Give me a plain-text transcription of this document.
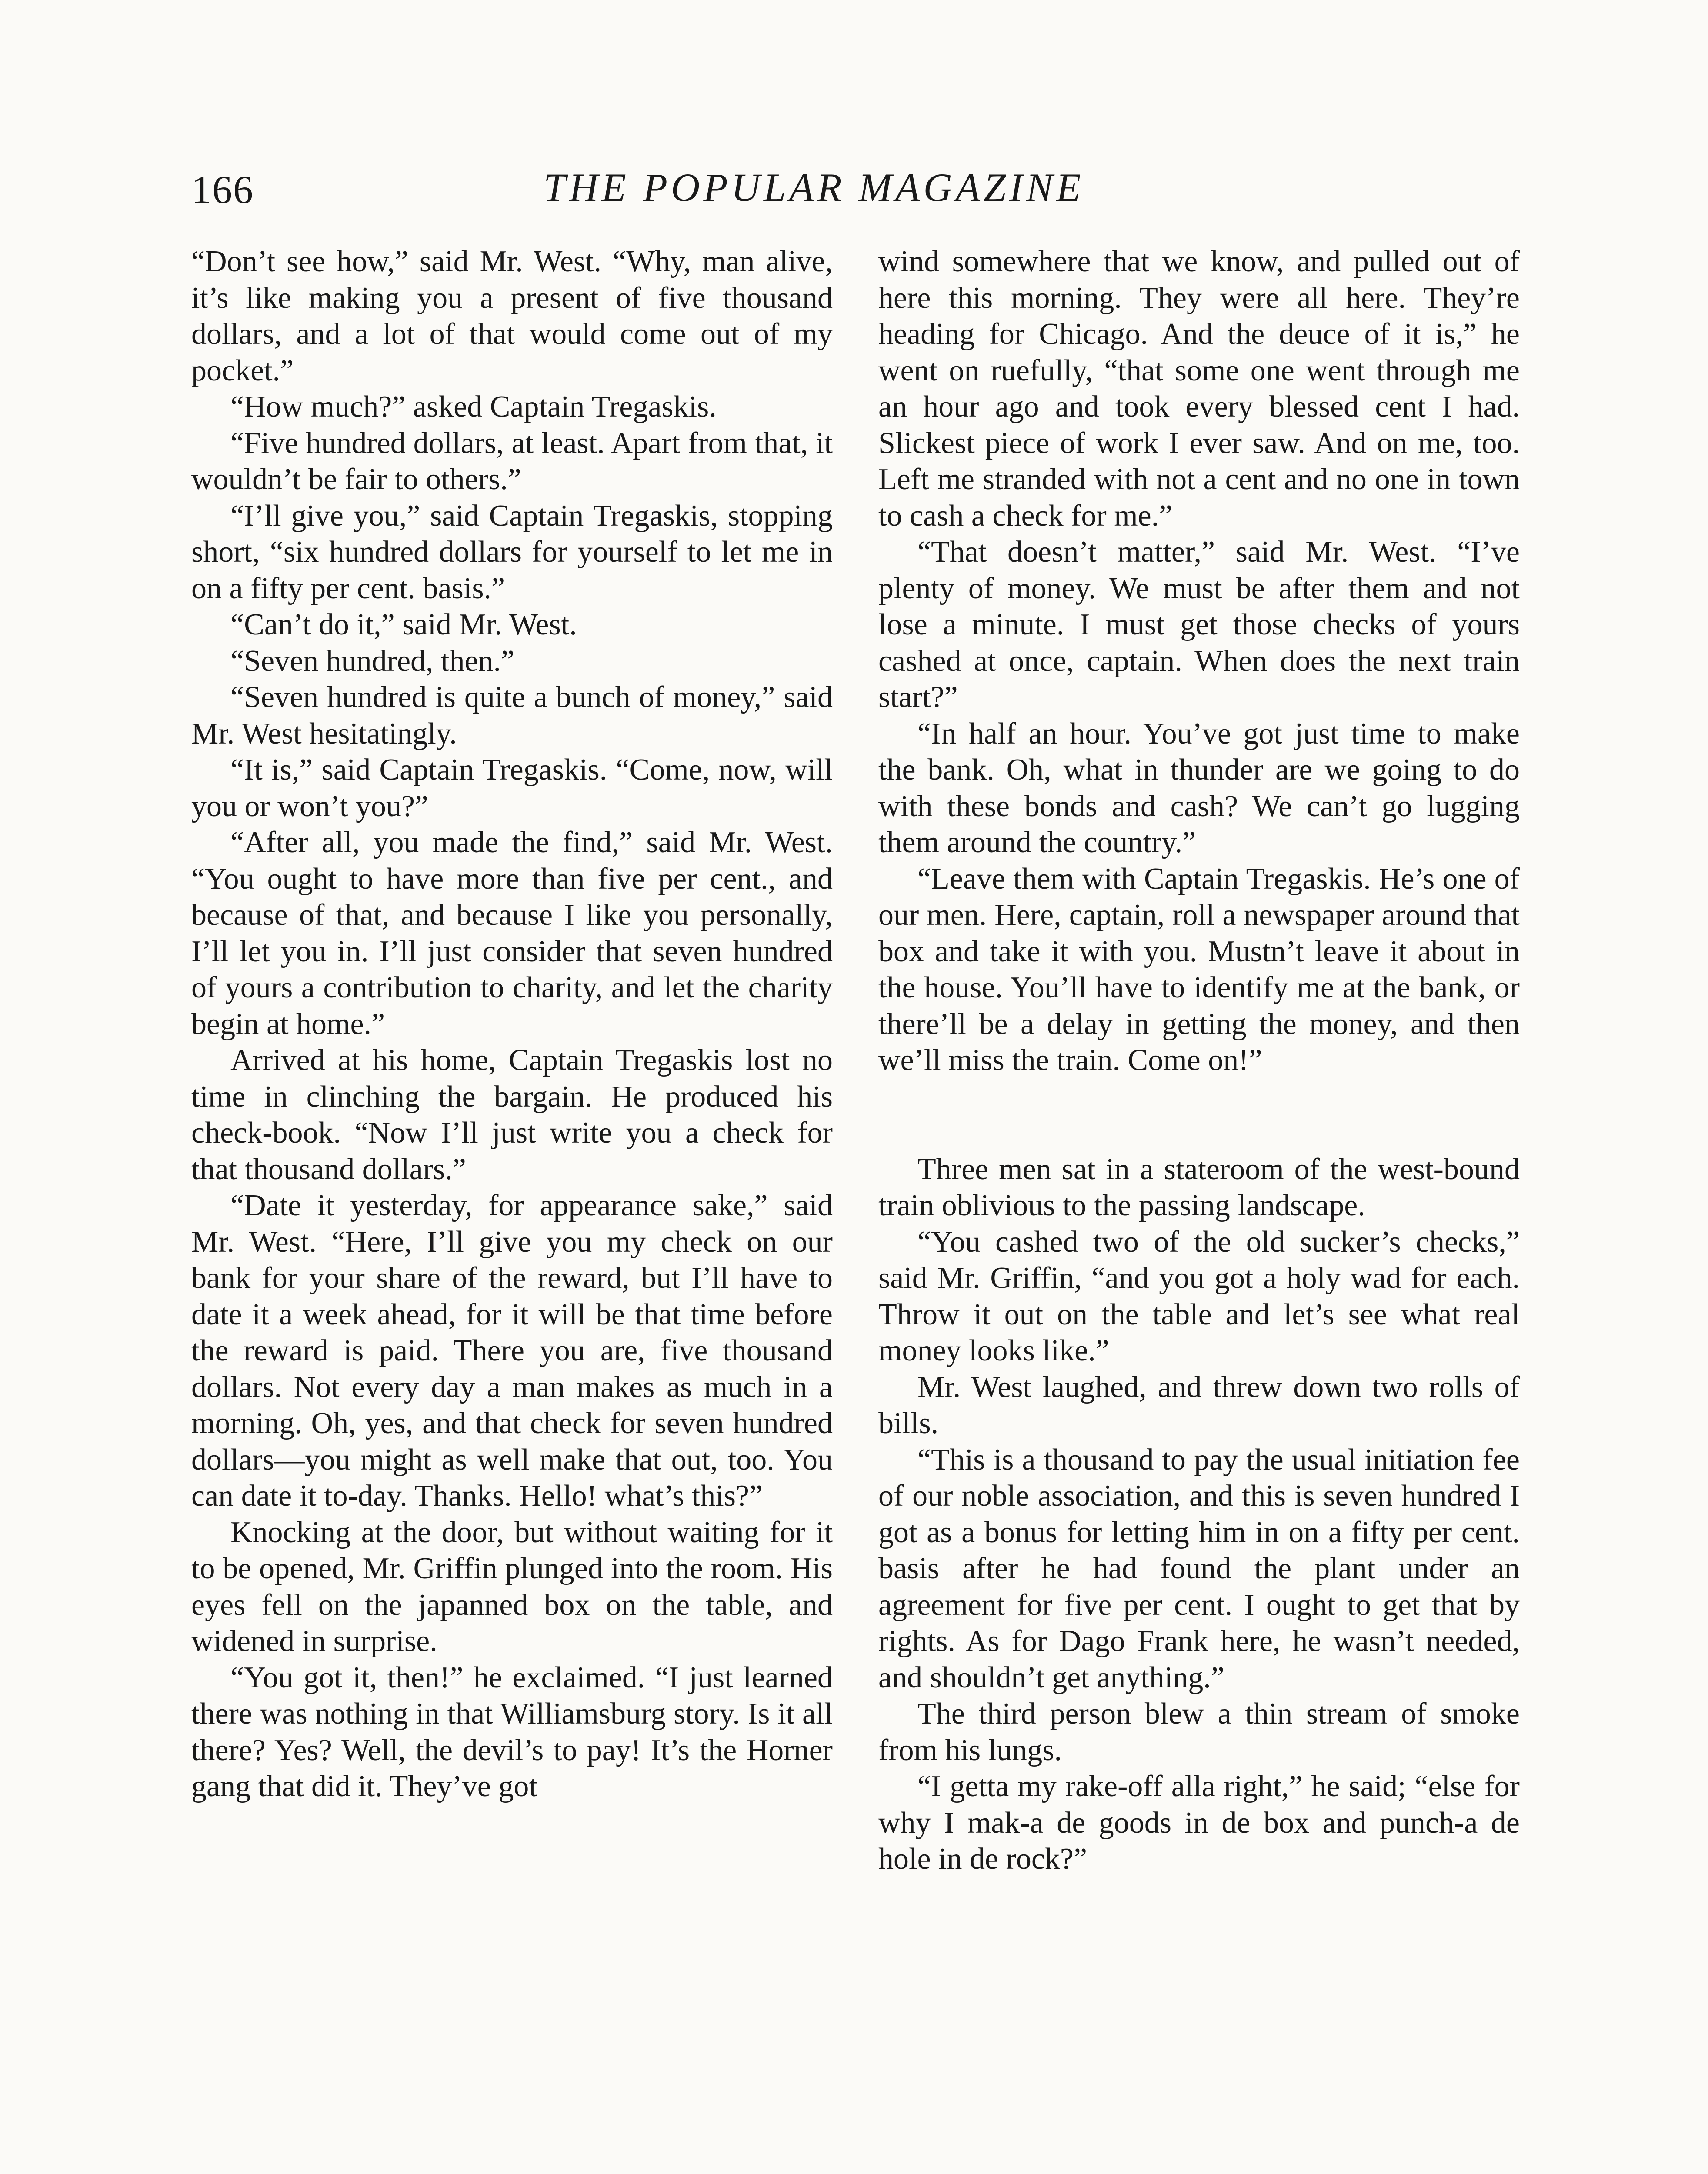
166	THE POPULAR MAGAZINE

“Don’t see how,” said Mr. West. “Why, man alive, it’s like making you a present of five thousand dollars, and a lot of that would come out of my pocket.”

“How much?” asked Captain Tregaskis.

“Five hundred dollars, at least. Apart from that, it wouldn’t be fair to others.”

“I’ll give you,” said Captain Tregaskis, stopping short, “six hundred dollars for yourself to let me in on a fifty per cent. basis.”

“Can’t do it,” said Mr. West.

“Seven hundred, then.”

“Seven hundred is quite a bunch of money,” said Mr. West hesitatingly.

“It is,” said Captain Tregaskis. “Come, now, will you or won’t you?”

“After all, you made the find,” said Mr. West. “You ought to have more than five per cent., and because of that, and because I like you personally, I’ll let you in. I’ll just consider that seven hundred of yours a contribution to charity, and let the charity begin at home.”

Arrived at his home, Captain Tregaskis lost no time in clinching the bargain. He produced his check-book. “Now I’ll just write you a check for that thousand dollars.”

“Date it yesterday, for appearance sake,” said Mr. West. “Here, I’ll give you my check on our bank for your share of the reward, but I’ll have to date it a week ahead, for it will be that time before the reward is paid. There you are, five thousand dollars. Not every day a man makes as much in a morning. Oh, yes, and that check for seven hundred dollars—you might as well make that out, too. You can date it to-day. Thanks. Hello! what’s this?”

Knocking at the door, but without waiting for it to be opened, Mr. Griffin plunged into the room. His eyes fell on the japanned box on the table, and widened in surprise.

“You got it, then!” he exclaimed. “I just learned there was nothing in that Williamsburg story. Is it all there? Yes? Well, the devil’s to pay! It’s the Horner gang that did it. They’ve got

wind somewhere that we know, and pulled out of here this morning. They were all here. They’re heading for Chicago. And the deuce of it is,” he went on ruefully, “that some one went through me an hour ago and took every blessed cent I had. Slickest piece of work I ever saw. And on me, too. Left me stranded with not a cent and no one in town to cash a check for me.”

“That doesn’t matter,” said Mr. West. “I’ve plenty of money. We must be after them and not lose a minute. I must get those checks of yours cashed at once, captain. When does the next train start?”

“In half an hour. You’ve got just time to make the bank. Oh, what in thunder are we going to do with these bonds and cash? We can’t go lugging them around the country.”

“Leave them with Captain Tregaskis. He’s one of our men. Here, captain, roll a newspaper around that box and take it with you. Mustn’t leave it about in the house. You’ll have to identify me at the bank, or there’ll be a delay in getting the money, and then we’ll miss the train. Come on!”

Three men sat in a stateroom of the west-bound train oblivious to the passing landscape.

“You cashed two of the old sucker’s checks,” said Mr. Griffin, “and you got a holy wad for each. Throw it out on the table and let’s see what real money looks like.”

Mr. West laughed, and threw down two rolls of bills.

“This is a thousand to pay the usual initiation fee of our noble association, and this is seven hundred I got as a bonus for letting him in on a fifty per cent. basis after he had found the plant under an agreement for five per cent. I ought to get that by rights. As for Dago Frank here, he wasn’t needed, and shouldn’t get anything.”

The third person blew a thin stream of smoke from his lungs.

“I getta my rake-off alla right,” he said; “else for why I mak-a de goods in de box and punch-a de hole in de rock?”
